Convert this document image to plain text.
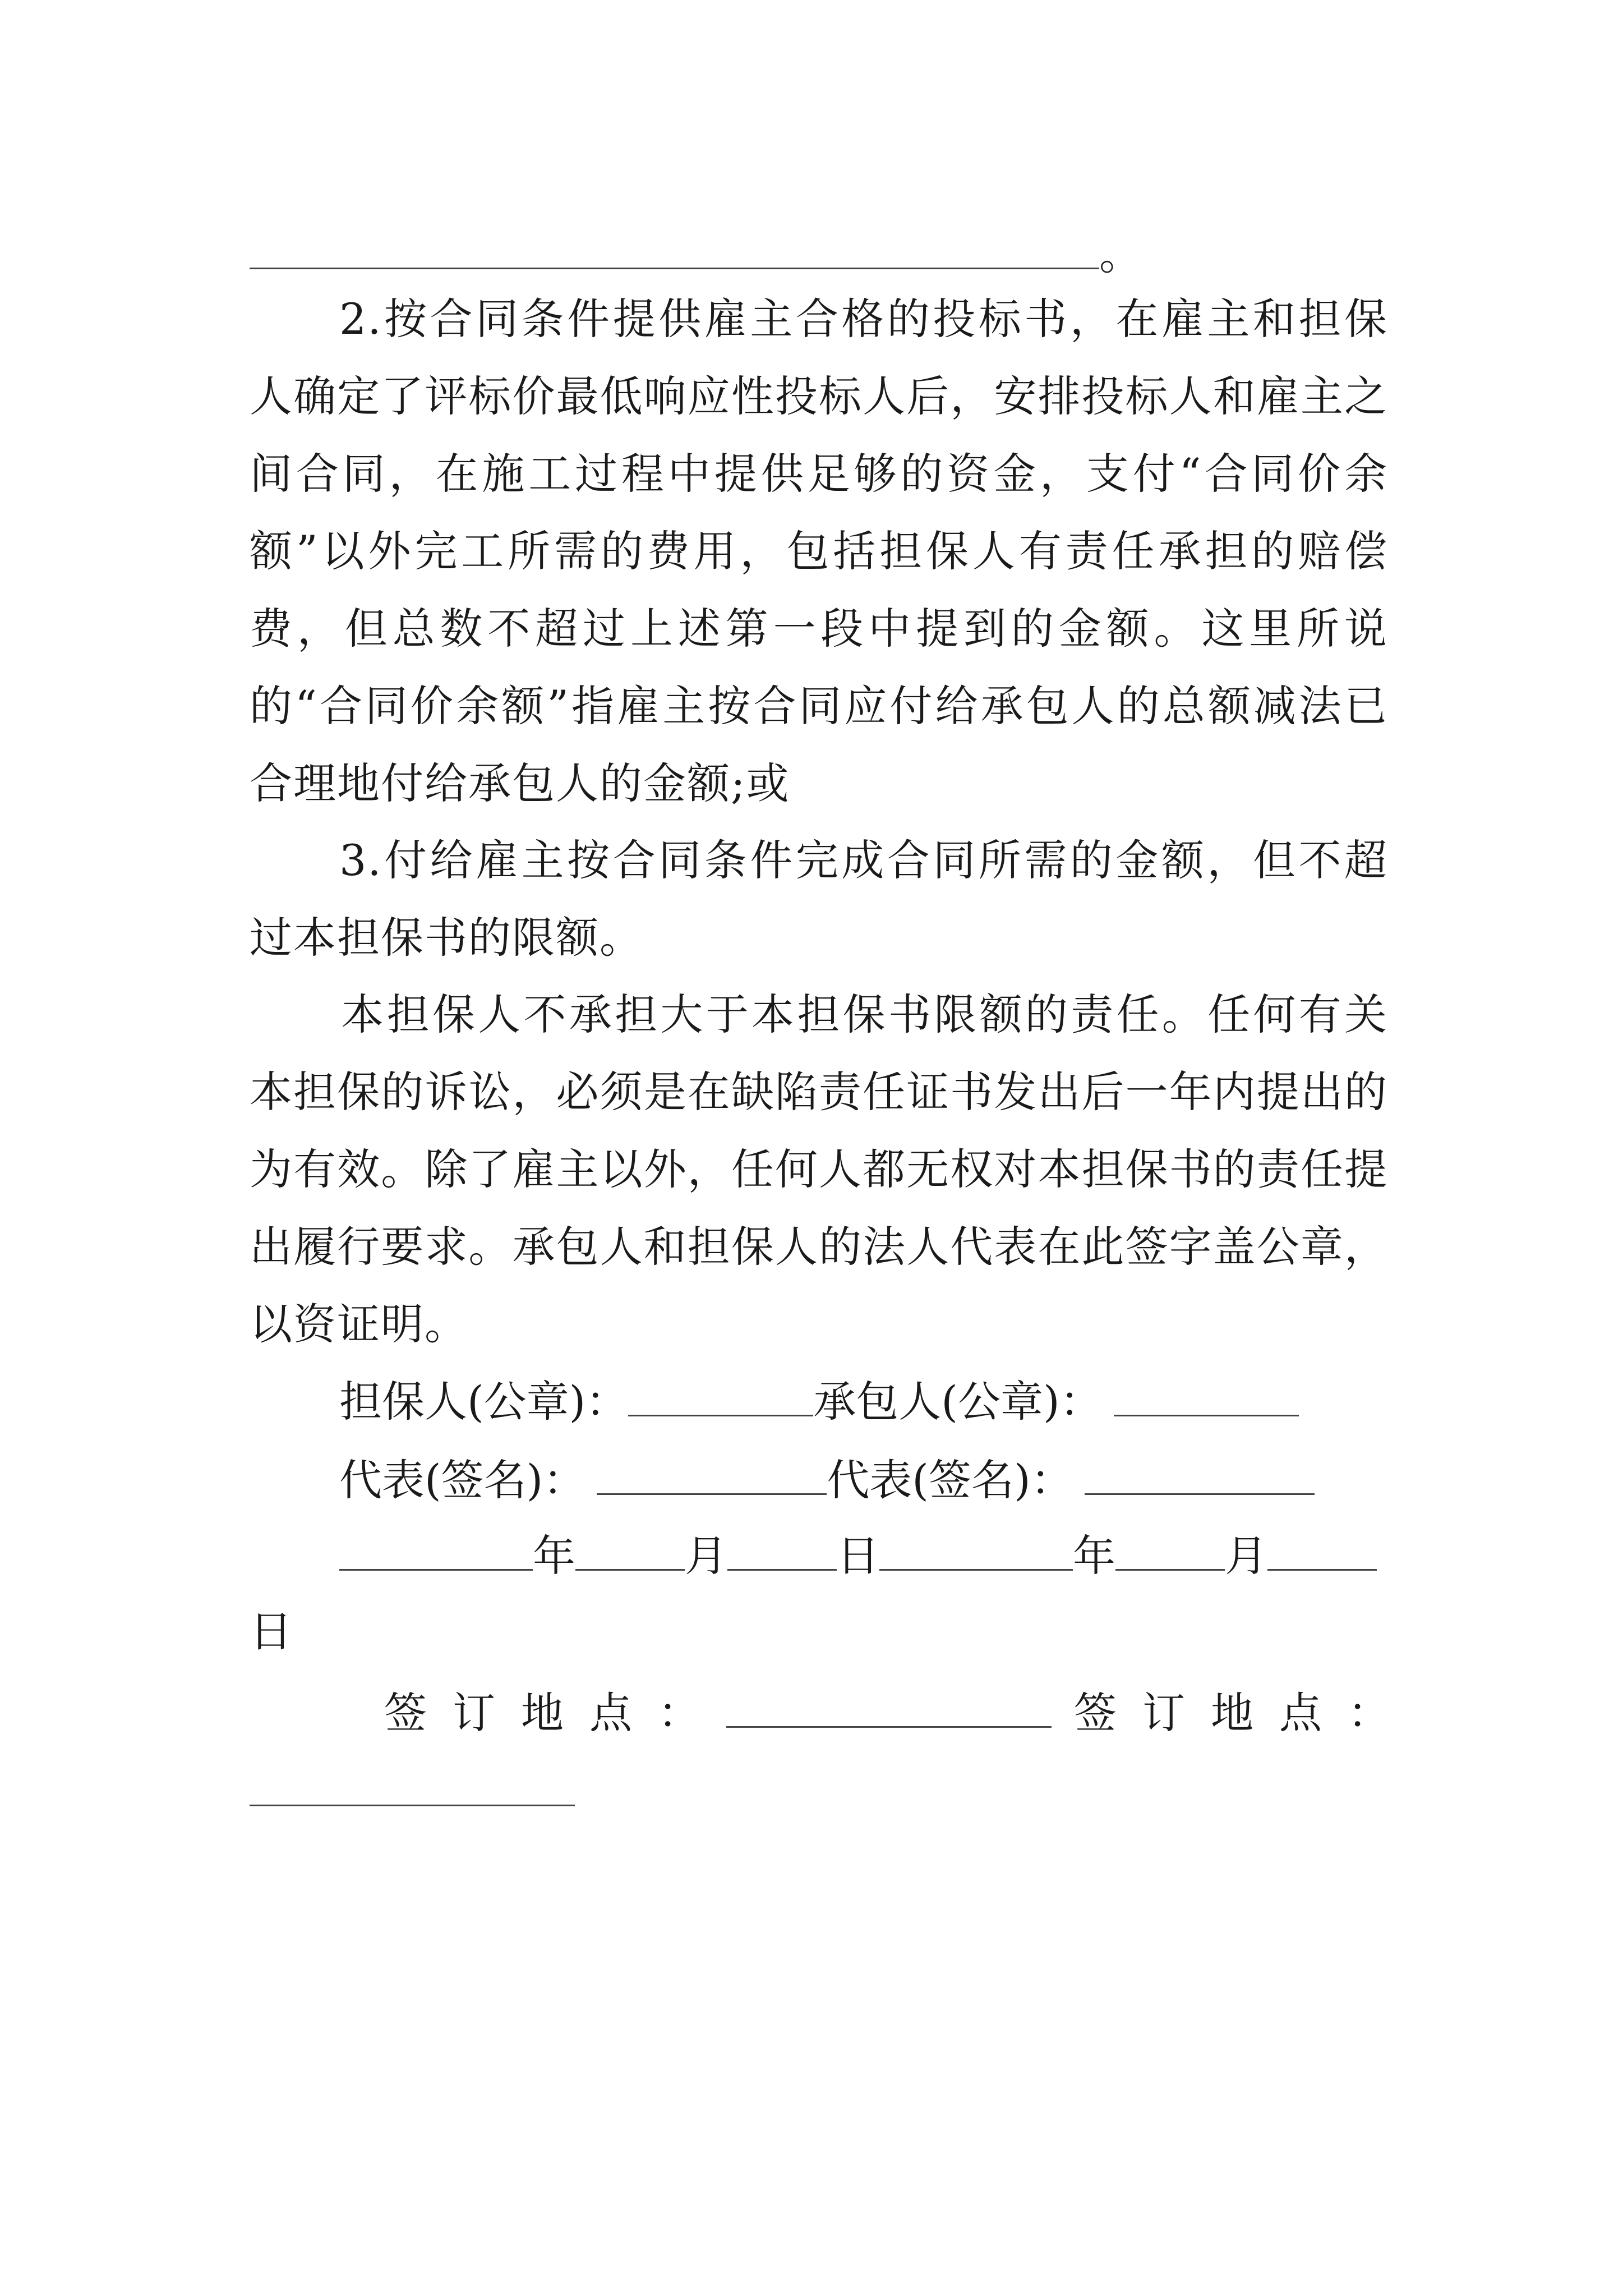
。
2.按合同条件提供雇主合格的投标书，在雇主和担保人确定了评标价最低响应性投标人后，安排投标人和雇主之间合同，在施工过程中提供足够的资金，支付“合同价余额”以外完工所需的费用，包括担保人有责任承担的赔偿费，但总数不超过上述第一段中提到的金额。这里所说的“合同价余额”指雇主按合同应付给承包人的总额减法已合理地付给承包人的金额;或
3.付给雇主按合同条件完成合同所需的金额，但不超过本担保书的限额。
本担保人不承担大于本担保书限额的责任。任何有关本担保的诉讼，必须是在缺陷责任证书发出后一年内提出的为有效。除了雇主以外，任何人都无权对本担保书的责任提出履行要求。承包人和担保人的法人代表在此签字盖公章，以资证明。
担保人(公章)：	承包人(公章)：
代表(签名)：	代表(签名)：
年	月	日	年	月
日
签订地点：	签订地点：
